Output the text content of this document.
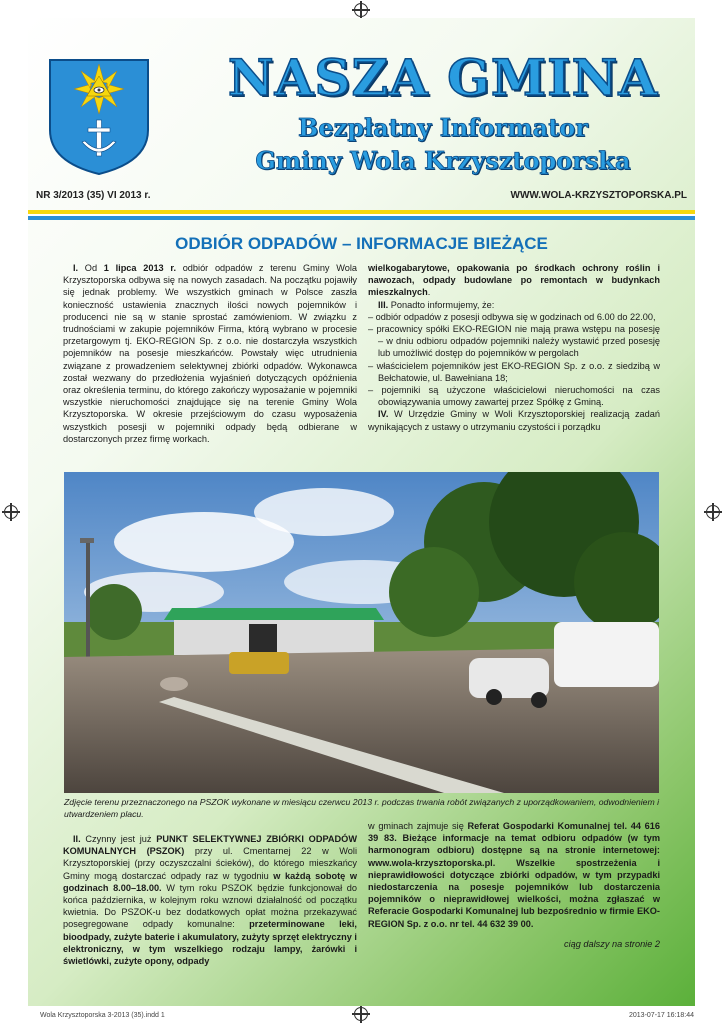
NASZA GMINA
Bezpłatny Informator
Gminy Wola Krzysztoporska
NR 3/2013 (35) VI 2013 r.	WWW.WOLA-KRZYSZTOPORSKA.PL
ODBIÓR ODPADÓW – INFORMACJE BIEŻĄCE

I. Od 1 lipca 2013 r. odbiór odpadów z terenu Gminy Wola Krzysztoporska odbywa się na nowych zasadach. Na początku pojawiły się jednak problemy. We wszystkich gminach w Polsce zaszła konieczność ustawienia znacznych ilości nowych pojemników i producenci nie są w stanie sprostać zamówieniom. W związku z trudnościami w zakupie pojemników Firma, którą wybrano w procesie przetargowym tj. EKO-REGION Sp. z o.o. nie dostarczyła wszystkich pojemników na posesje mieszkańców. Powstały więc utrudnienia związane z prowadzeniem selektywnej zbiórki odpadów. Wykonawca został wezwany do przedłożenia wyjaśnień dotyczących opóźnienia oraz określenia terminu, do którego zakończy wyposażanie w pojemniki wszystkie nieruchomości znajdujące się na terenie Gminy Wola Krzysztoporska. W okresie przejściowym do czasu wyposażenia wszystkich posesji w pojemniki odpady będą odbierane w dostarczonych przez firmę workach.

wielkogabarytowe, opakowania po środkach ochrony roślin i nawozach, odpady budowlane po remontach w budynkach mieszkalnych.

III. Ponadto informujemy, że:

– odbiór odpadów z posesji odbywa się w godzinach od 6.00 do 22.00,

– pracownicy spółki EKO-REGION nie mają prawa wstępu na posesję – w dniu odbioru odpadów pojemniki należy wystawić przed posesję lub umożliwić dostęp do pojemników w pergolach

– właścicielem pojemników jest EKO-REGION Sp. z o.o. z siedzibą w Bełchatowie, ul. Bawełniana 18;

– pojemniki są użyczone właścicielowi nieruchomości na czas obowiązywania umowy zawartej przez Spółkę z Gminą.

IV. W Urzędzie Gminy w Woli Krzysztoporskiej realizacją zadań wynikających z ustawy o utrzymaniu czystości i porządku

Zdjęcie terenu przeznaczonego na PSZOK wykonane w miesiącu czerwcu 2013 r. podczas trwania robót związanych z uporządkowaniem, odwodnieniem i utwardzeniem placu.

II. Czynny jest już PUNKT SELEKTYWNEJ ZBIÓRKI ODPADÓW KOMUNALNYCH (PSZOK) przy ul. Cmentarnej 22 w Woli Krzysztoporskiej (przy oczyszczalni ścieków), do którego mieszkańcy Gminy mogą dostarczać odpady raz w tygodniu w każdą sobotę w godzinach 8.00–18.00. W tym roku PSZOK będzie funkcjonował do końca października, w kolejnym roku wznowi działalność od początku kwietnia. Do PSZOK-u bez dodatkowych opłat można przekazywać posegregowane odpady komunalne: przeterminowane leki, bioodpady, zużyte baterie i akumulatory, zużyty sprzęt elektryczny i elektroniczny, w tym wszelkiego rodzaju lampy, żarówki i świetlówki, zużyte opony, odpady

w gminach zajmuje się Referat Gospodarki Komunalnej tel. 44 616 39 83. Bieżące informacje na temat odbioru odpadów (w tym harmonogram odbioru) dostępne są na stronie internetowej: www.wola-krzysztoporska.pl. Wszelkie spostrzeżenia i nieprawidłowości dotyczące zbiórki odpadów, w tym przypadki niedostarczenia na posesje pojemników lub dostarczenia pojemników o nieprawidłowej wielkości, można zgłaszać w Referacie Gospodarki Komunalnej lub bezpośrednio w firmie EKO-REGION Sp. z o.o. nr tel. 44 632 39 00.

ciąg dalszy na stronie 2

Wola Krzysztoporska 3-2013 (35).indd 1	2013-07-17 16:18:44
